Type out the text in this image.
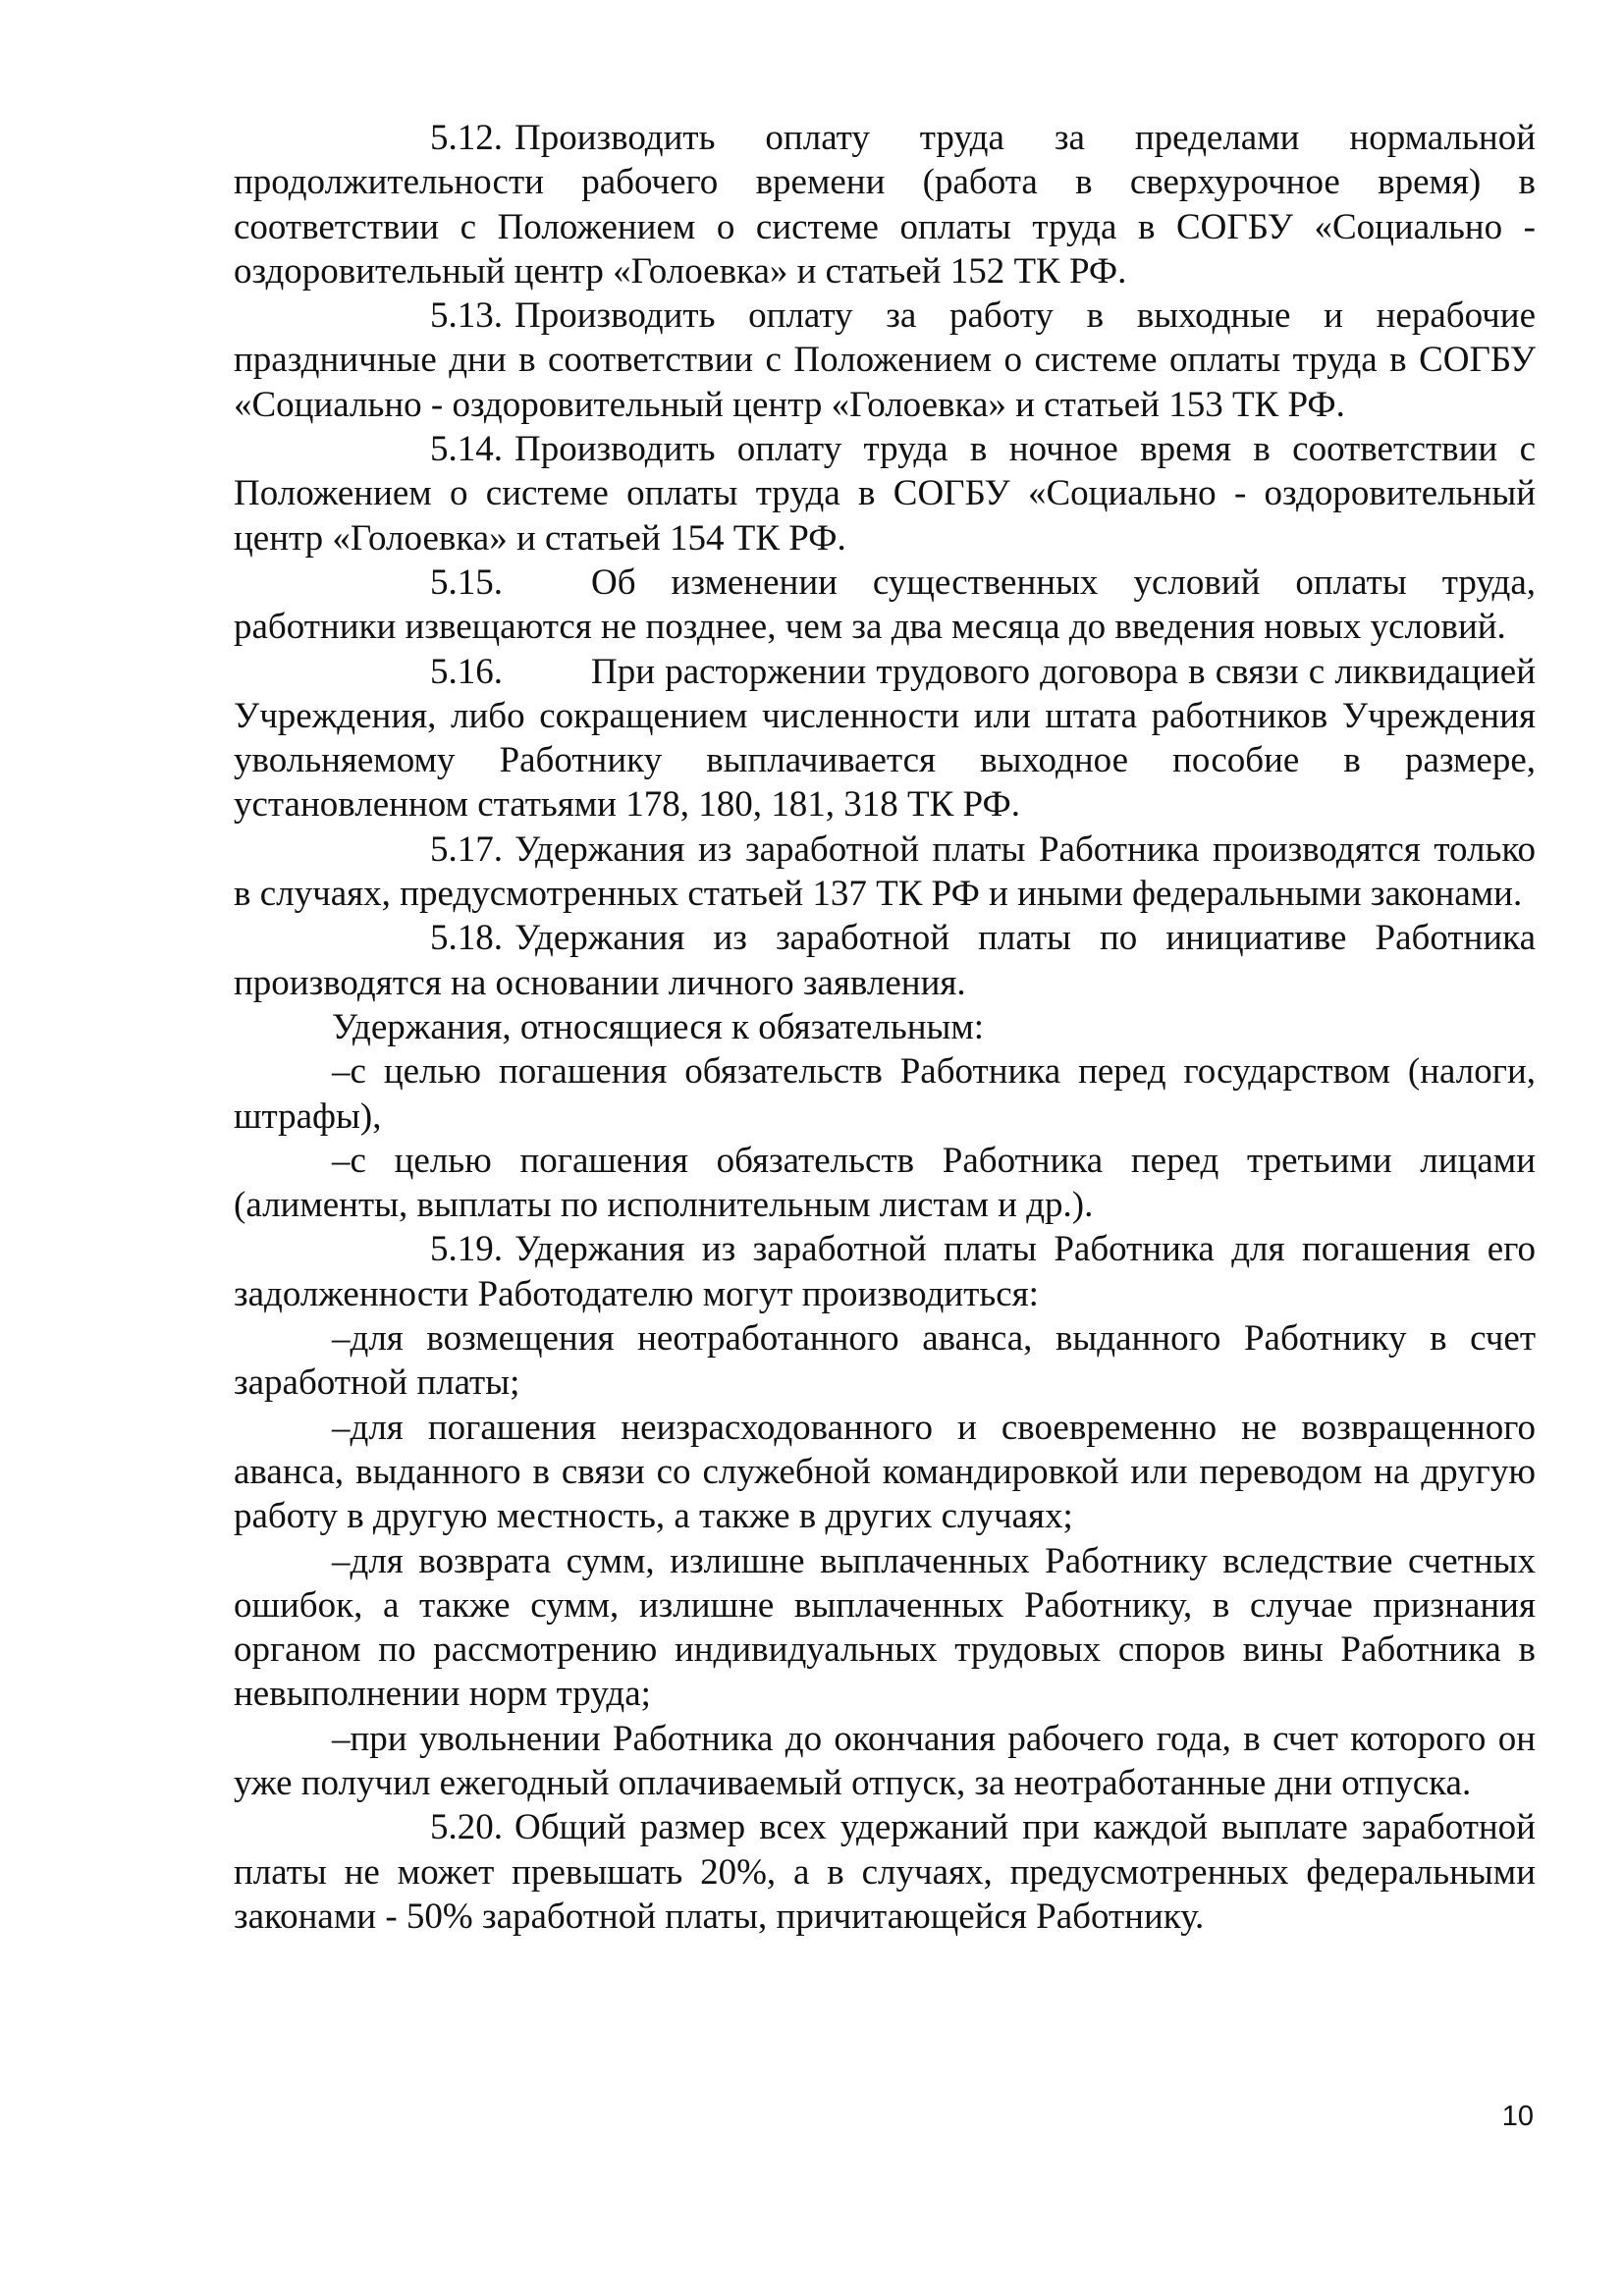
5.12. Производить оплату труда за пределами нормальной продолжительности рабочего времени (работа в сверхурочное время) в соответствии с Положением о системе оплаты труда в СОГБУ «Социально - оздоровительный центр «Голоевка» и статьей 152 ТК РФ.

5.13. Производить оплату за работу в выходные и нерабочие праздничные дни в соответствии с Положением о системе оплаты труда в СОГБУ «Социально - оздоровительный центр «Голоевка» и статьей 153 ТК РФ.

5.14. Производить оплату труда в ночное время в соответствии с Положением о системе оплаты труда в СОГБУ «Социально - оздоровительный центр «Голоевка» и статьей 154 ТК РФ.

5.15. Об изменении существенных условий оплаты труда, работники извещаются не позднее, чем за два месяца до введения новых условий.

5.16. При расторжении трудового договора в связи с ликвидацией Учреждения, либо сокращением численности или штата работников Учреждения увольняемому Работнику выплачивается выходное пособие в размере, установленном статьями 178, 180, 181, 318 ТК РФ.

5.17. Удержания из заработной платы Работника производятся только в случаях, предусмотренных статьей 137 ТК РФ и иными федеральными законами.

5.18. Удержания из заработной платы по инициативе Работника производятся на основании личного заявления.

Удержания, относящиеся к обязательным:

–с целью погашения обязательств Работника перед государством (налоги, штрафы),

–с целью погашения обязательств Работника перед третьими лицами (алименты, выплаты по исполнительным листам и др.).

5.19. Удержания из заработной платы Работника для погашения его задолженности Работодателю могут производиться:

–для возмещения неотработанного аванса, выданного Работнику в счет заработной платы;

–для погашения неизрасходованного и своевременно не возвращенного аванса, выданного в связи со служебной командировкой или переводом на другую работу в другую местность, а также в других случаях;

–для возврата сумм, излишне выплаченных Работнику вследствие счетных ошибок, а также сумм, излишне выплаченных Работнику, в случае признания органом по рассмотрению индивидуальных трудовых споров вины Работника в невыполнении норм труда;

–при увольнении Работника до окончания рабочего года, в счет которого он уже получил ежегодный оплачиваемый отпуск, за неотработанные дни отпуска.

5.20. Общий размер всех удержаний при каждой выплате заработной платы не может превышать 20%, а в случаях, предусмотренных федеральными законами - 50% заработной платы, причитающейся Работнику.

10
